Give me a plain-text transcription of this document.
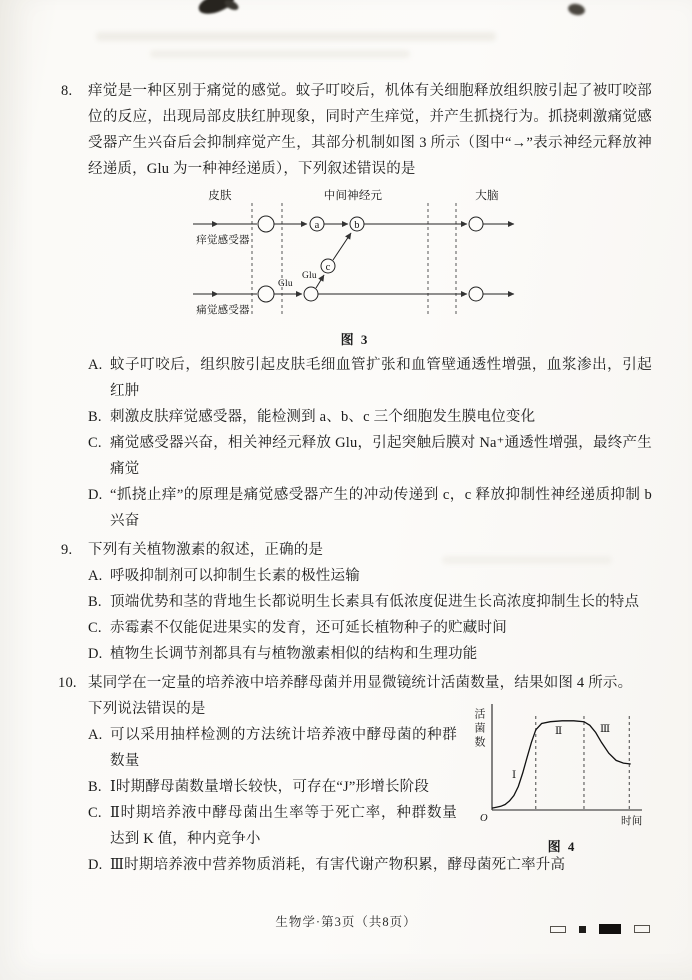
8.	痒觉是一种区别于痛觉的感觉。蚊子叮咬后，机体有关细胞释放组织胺引起了被叮咬部位的反应，出现局部皮肤红肿现象，同时产生痒觉，并产生抓挠行为。抓挠刺激痛觉感受器产生兴奋后会抑制痒觉产生，其部分机制如图 3 所示（图中“→”表示神经元释放神经递质，Glu 为一种神经递质），下列叙述错误的是
皮肤	中间神经元	大脑
a	b
c
Glu
Glu
痒觉感受器
痛觉感受器
图 3
A. 蚊子叮咬后，组织胺引起皮肤毛细血管扩张和血管壁通透性增强，血浆渗出，引起红肿
B. 刺激皮肤痒觉感受器，能检测到 a、b、c 三个细胞发生膜电位变化
C. 痛觉感受器兴奋，相关神经元释放 Glu，引起突触后膜对 Na⁺通透性增强，最终产生痛觉
D. “抓挠止痒”的原理是痛觉感受器产生的冲动传递到 c，c 释放抑制性神经递质抑制 b 兴奋
9.	下列有关植物激素的叙述，正确的是
A. 呼吸抑制剂可以抑制生长素的极性运输
B. 顶端优势和茎的背地生长都说明生长素具有低浓度促进生长高浓度抑制生长的特点
C. 赤霉素不仅能促进果实的发育，还可延长植物种子的贮藏时间
D. 植物生长调节剂都具有与植物激素相似的结构和生理功能
活菌数
O	时间
Ⅰ
Ⅱ	Ⅲ
图 4
10. 某同学在一定量的培养液中培养酵母菌并用显微镜统计活菌数量，结果如图 4 所示。
下列说法错误的是
A. 可以采用抽样检测的方法统计培养液中酵母菌的种群数量
B. Ⅰ时期酵母菌数量增长较快，可存在“J”形增长阶段
C. Ⅱ时期培养液中酵母菌出生率等于死亡率，种群数量达到 K 值，种内竞争小
D. Ⅲ时期培养液中营养物质消耗，有害代谢产物积累，酵母菌死亡率升高
生物学·第3页（共8页）
